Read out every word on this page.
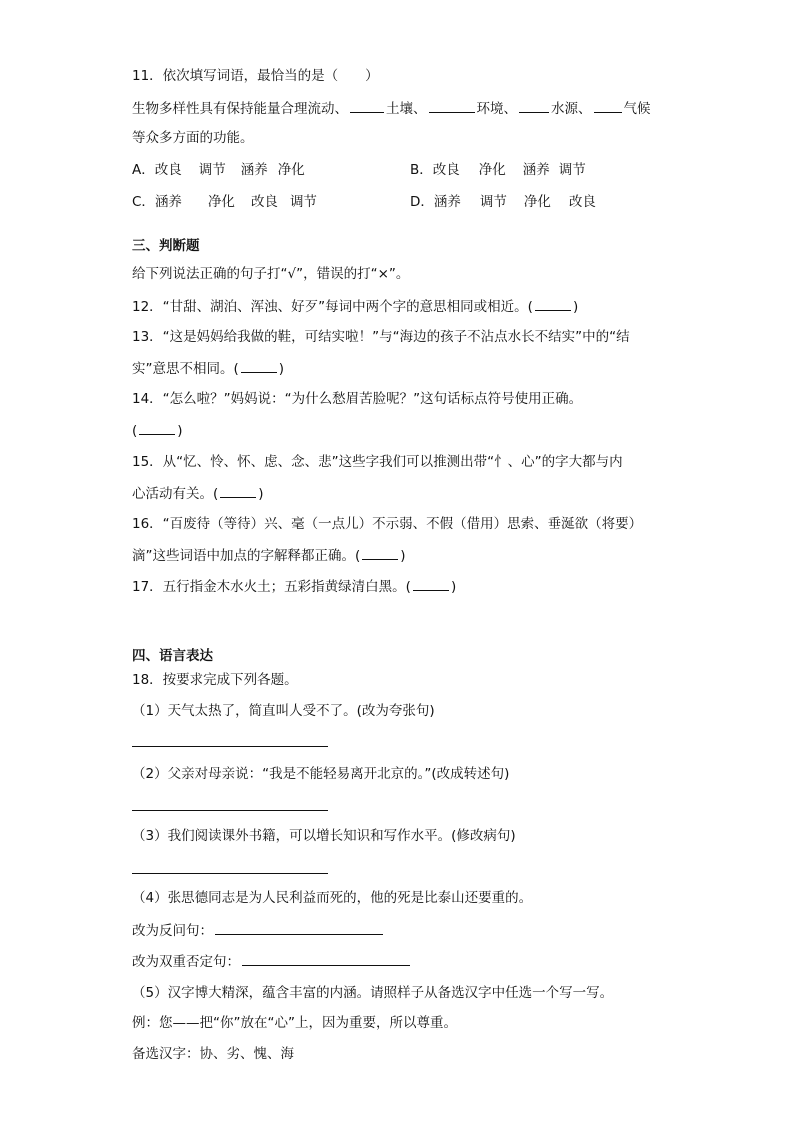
11．依次填写词语，最恰当的是（　　）
生物多样性具有保持能量合理流动、	土壤、	环境、	水源、 气候
等众多方面的功能。
A．改良 调节 涵养 净化	B．改良 净化 涵养 调节
C．涵养 净化 改良 调节	D．涵养 调节 净化 改良
三、判断题
给下列说法正确的句子打“√”，错误的打“×”。
12．“甘甜、湖泊、浑浊、好歹”每词中两个字的意思相同或相近。(	)
13．“这是妈妈给我做的鞋，可结实啦！”与“海边的孩子不沾点水长不结实”中的“结
实”意思不相同。(	)
14．“怎么啦？”妈妈说：“为什么愁眉苦脸呢？”这句话标点符号使用正确。
(	)
15．从“忆、怜、怀、虑、念、悲”这些字我们可以推测出带“忄、心”的字大都与内
心活动有关。(	)
16．“百废待（等待）兴、毫（一点儿）不示弱、不假（借用）思索、垂涎欲（将要）
滴”这些词语中加点的字解释都正确。(	)
17．五行指金木水火土；五彩指黄绿清白黑。(	)
四、语言表达
18．按要求完成下列各题。
（1）天气太热了，简直叫人受不了。(改为夸张句)
（2）父亲对母亲说：“我是不能轻易离开北京的。”(改成转述句)
（3）我们阅读课外书籍，可以增长知识和写作水平。(修改病句)
（4）张思德同志是为人民利益而死的，他的死是比泰山还要重的。
改为反问句：
改为双重否定句：
（5）汉字博大精深，蕴含丰富的内涵。请照样子从备选汉字中任选一个写一写。
例：您——把“你”放在“心”上，因为重要，所以尊重。
备选汉字：协、劣、愧、海
